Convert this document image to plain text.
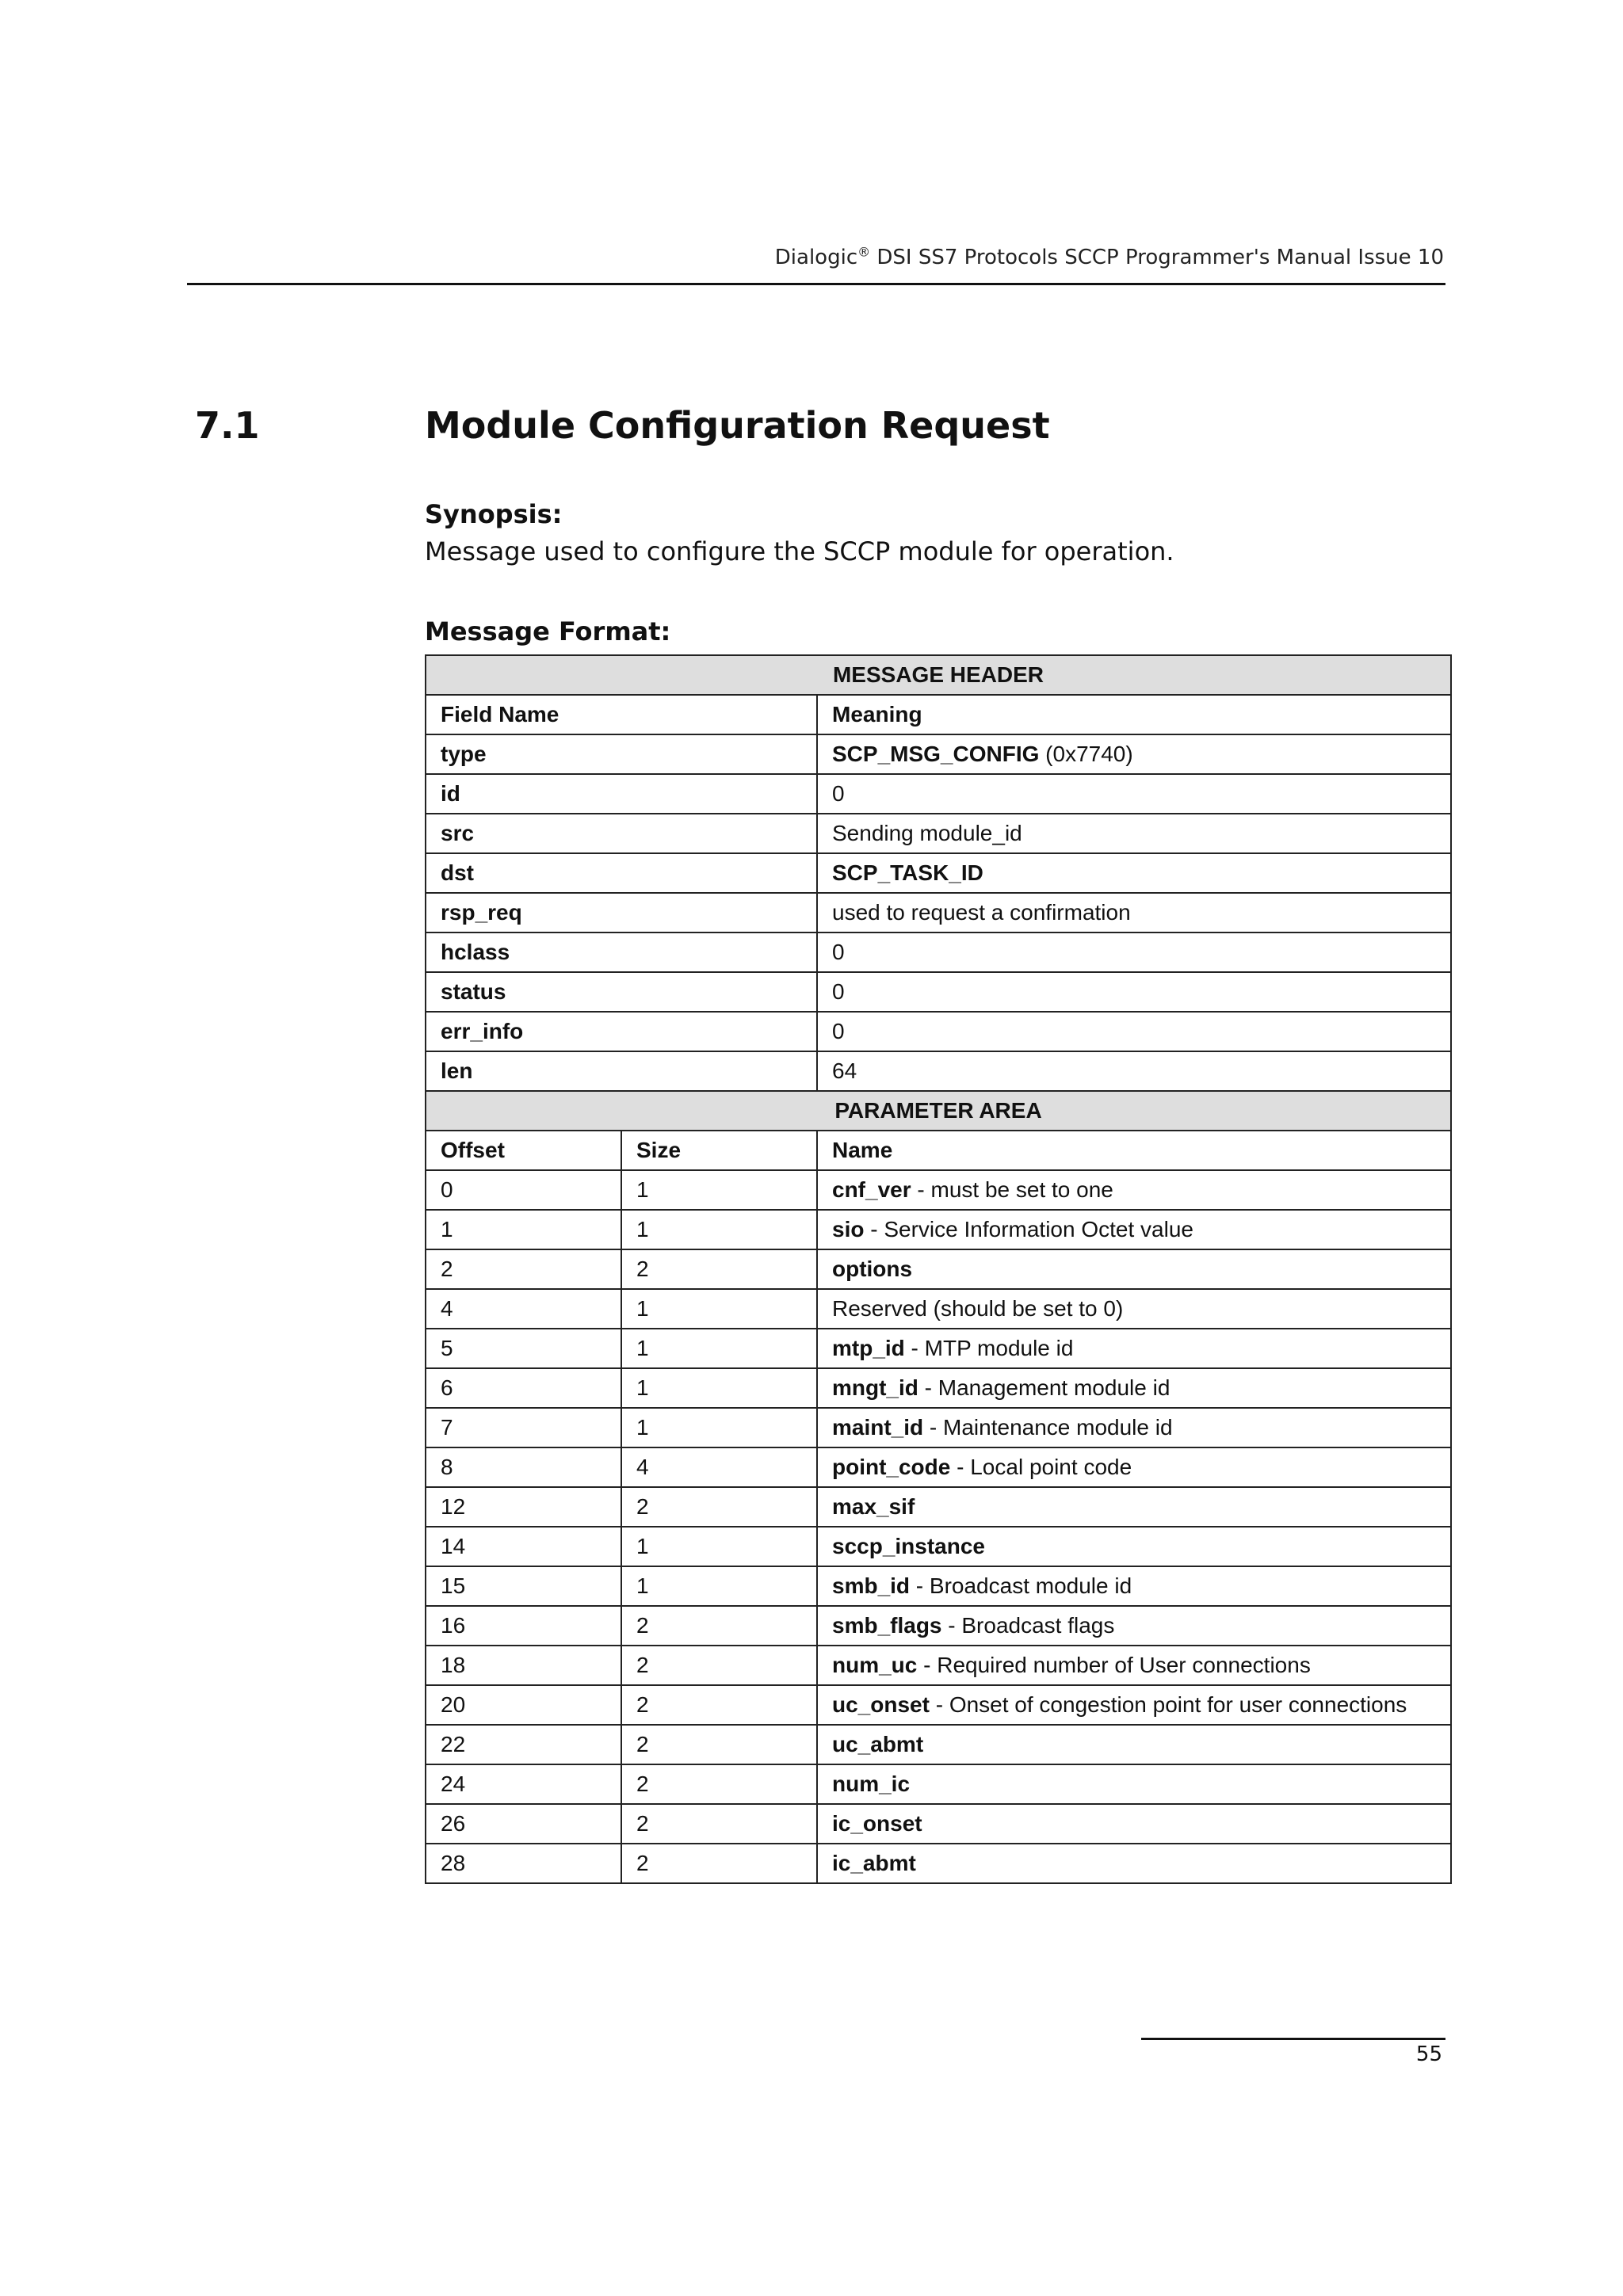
Dialogic® DSI SS7 Protocols SCCP Programmer's Manual Issue 10
7.1	Module Configuration Request
Synopsis:
Message used to configure the SCCP module for operation.
Message Format:
MESSAGE HEADER		
Field Name		Meaning
type		SCP_MSG_CONFIG (0x7740)
id		0
src		Sending module_id
dst		SCP_TASK_ID
rsp_req		used to request a confirmation
hclass		0
status		0
err_info		0
len		64
PARAMETER AREA		
Offset	Size	Name
0	1	cnf_ver - must be set to one
1	1	sio - Service Information Octet value
2	2	options
4	1	Reserved (should be set to 0)
5	1	mtp_id - MTP module id
6	1	mngt_id - Management module id
7	1	maint_id - Maintenance module id
8	4	point_code - Local point code
12	2	max_sif
14	1	sccp_instance
15	1	smb_id - Broadcast module id
16	2	smb_flags - Broadcast flags
18	2	num_uc - Required number of User connections
20	2	uc_onset - Onset of congestion point for user connections
22	2	uc_abmt
24	2	num_ic
26	2	ic_onset
28	2	ic_abmt
55
